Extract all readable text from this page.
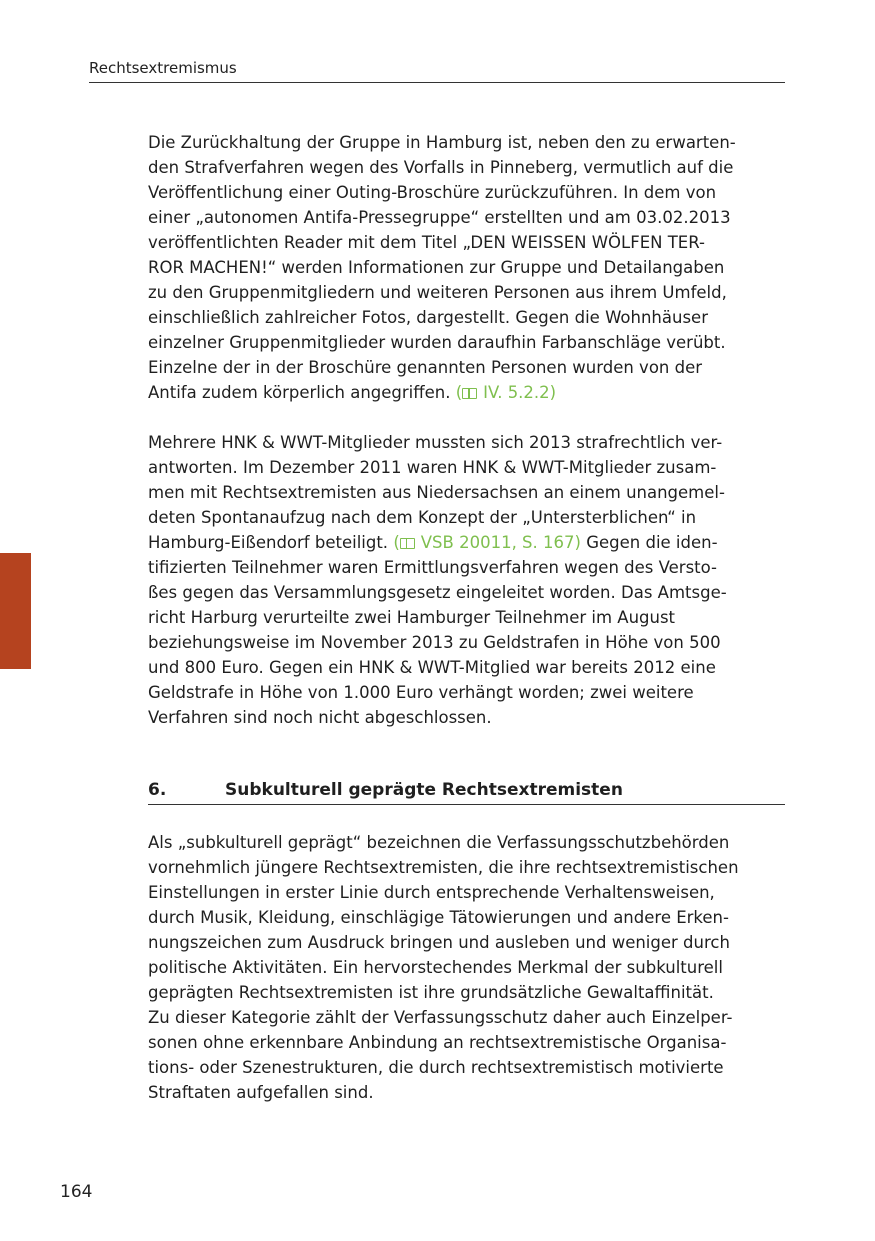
Rechtsextremismus
Die Zurückhaltung der Gruppe in Hamburg ist, neben den zu erwarten-
den Strafverfahren wegen des Vorfalls in Pinneberg, vermutlich auf die
Veröffentlichung einer Outing-Broschüre zurückzuführen. In dem von
einer „autonomen Antifa-Pressegruppe“ erstellten und am 03.02.2013
veröffentlichten Reader mit dem Titel „DEN WEISSEN WÖLFEN TER-
ROR MACHEN!“ werden Informationen zur Gruppe und Detailangaben
zu den Gruppenmitgliedern und weiteren Personen aus ihrem Umfeld,
einschließlich zahlreicher Fotos, dargestellt. Gegen die Wohnhäuser
einzelner Gruppenmitglieder wurden daraufhin Farbanschläge verübt.
Einzelne der in der Broschüre genannten Personen wurden von der
Antifa zudem körperlich angegriffen. ( IV. 5.2.2)
Mehrere HNK & WWT-Mitglieder mussten sich 2013 strafrechtlich ver-
antworten. Im Dezember 2011 waren HNK & WWT-Mitglieder zusam-
men mit Rechtsextremisten aus Niedersachsen an einem unangemel-
deten Spontanaufzug nach dem Konzept der „Untersterblichen“ in
Hamburg-Eißendorf beteiligt. ( VSB 20011, S. 167) Gegen die iden-
tifizierten Teilnehmer waren Ermittlungsverfahren wegen des Versto-
ßes gegen das Versammlungsgesetz eingeleitet worden. Das Amtsge-
richt Harburg verurteilte zwei Hamburger Teilnehmer im August
beziehungsweise im November 2013 zu Geldstrafen in Höhe von 500
und 800 Euro. Gegen ein HNK & WWT-Mitglied war bereits 2012 eine
Geldstrafe in Höhe von 1.000 Euro verhängt worden; zwei weitere
Verfahren sind noch nicht abgeschlossen.
6.	Subkulturell geprägte Rechtsextremisten
Als „subkulturell geprägt“ bezeichnen die Verfassungsschutzbehörden
vornehmlich jüngere Rechtsextremisten, die ihre rechtsextremistischen
Einstellungen in erster Linie durch entsprechende Verhaltensweisen,
durch Musik, Kleidung, einschlägige Tätowierungen und andere Erken-
nungszeichen zum Ausdruck bringen und ausleben und weniger durch
politische Aktivitäten. Ein hervorstechendes Merkmal der subkulturell
geprägten Rechtsextremisten ist ihre grundsätzliche Gewaltaffinität.
Zu dieser Kategorie zählt der Verfassungsschutz daher auch Einzelper-
sonen ohne erkennbare Anbindung an rechtsextremistische Organisa-
tions- oder Szenestrukturen, die durch rechtsextremistisch motivierte
Straftaten aufgefallen sind.
164
